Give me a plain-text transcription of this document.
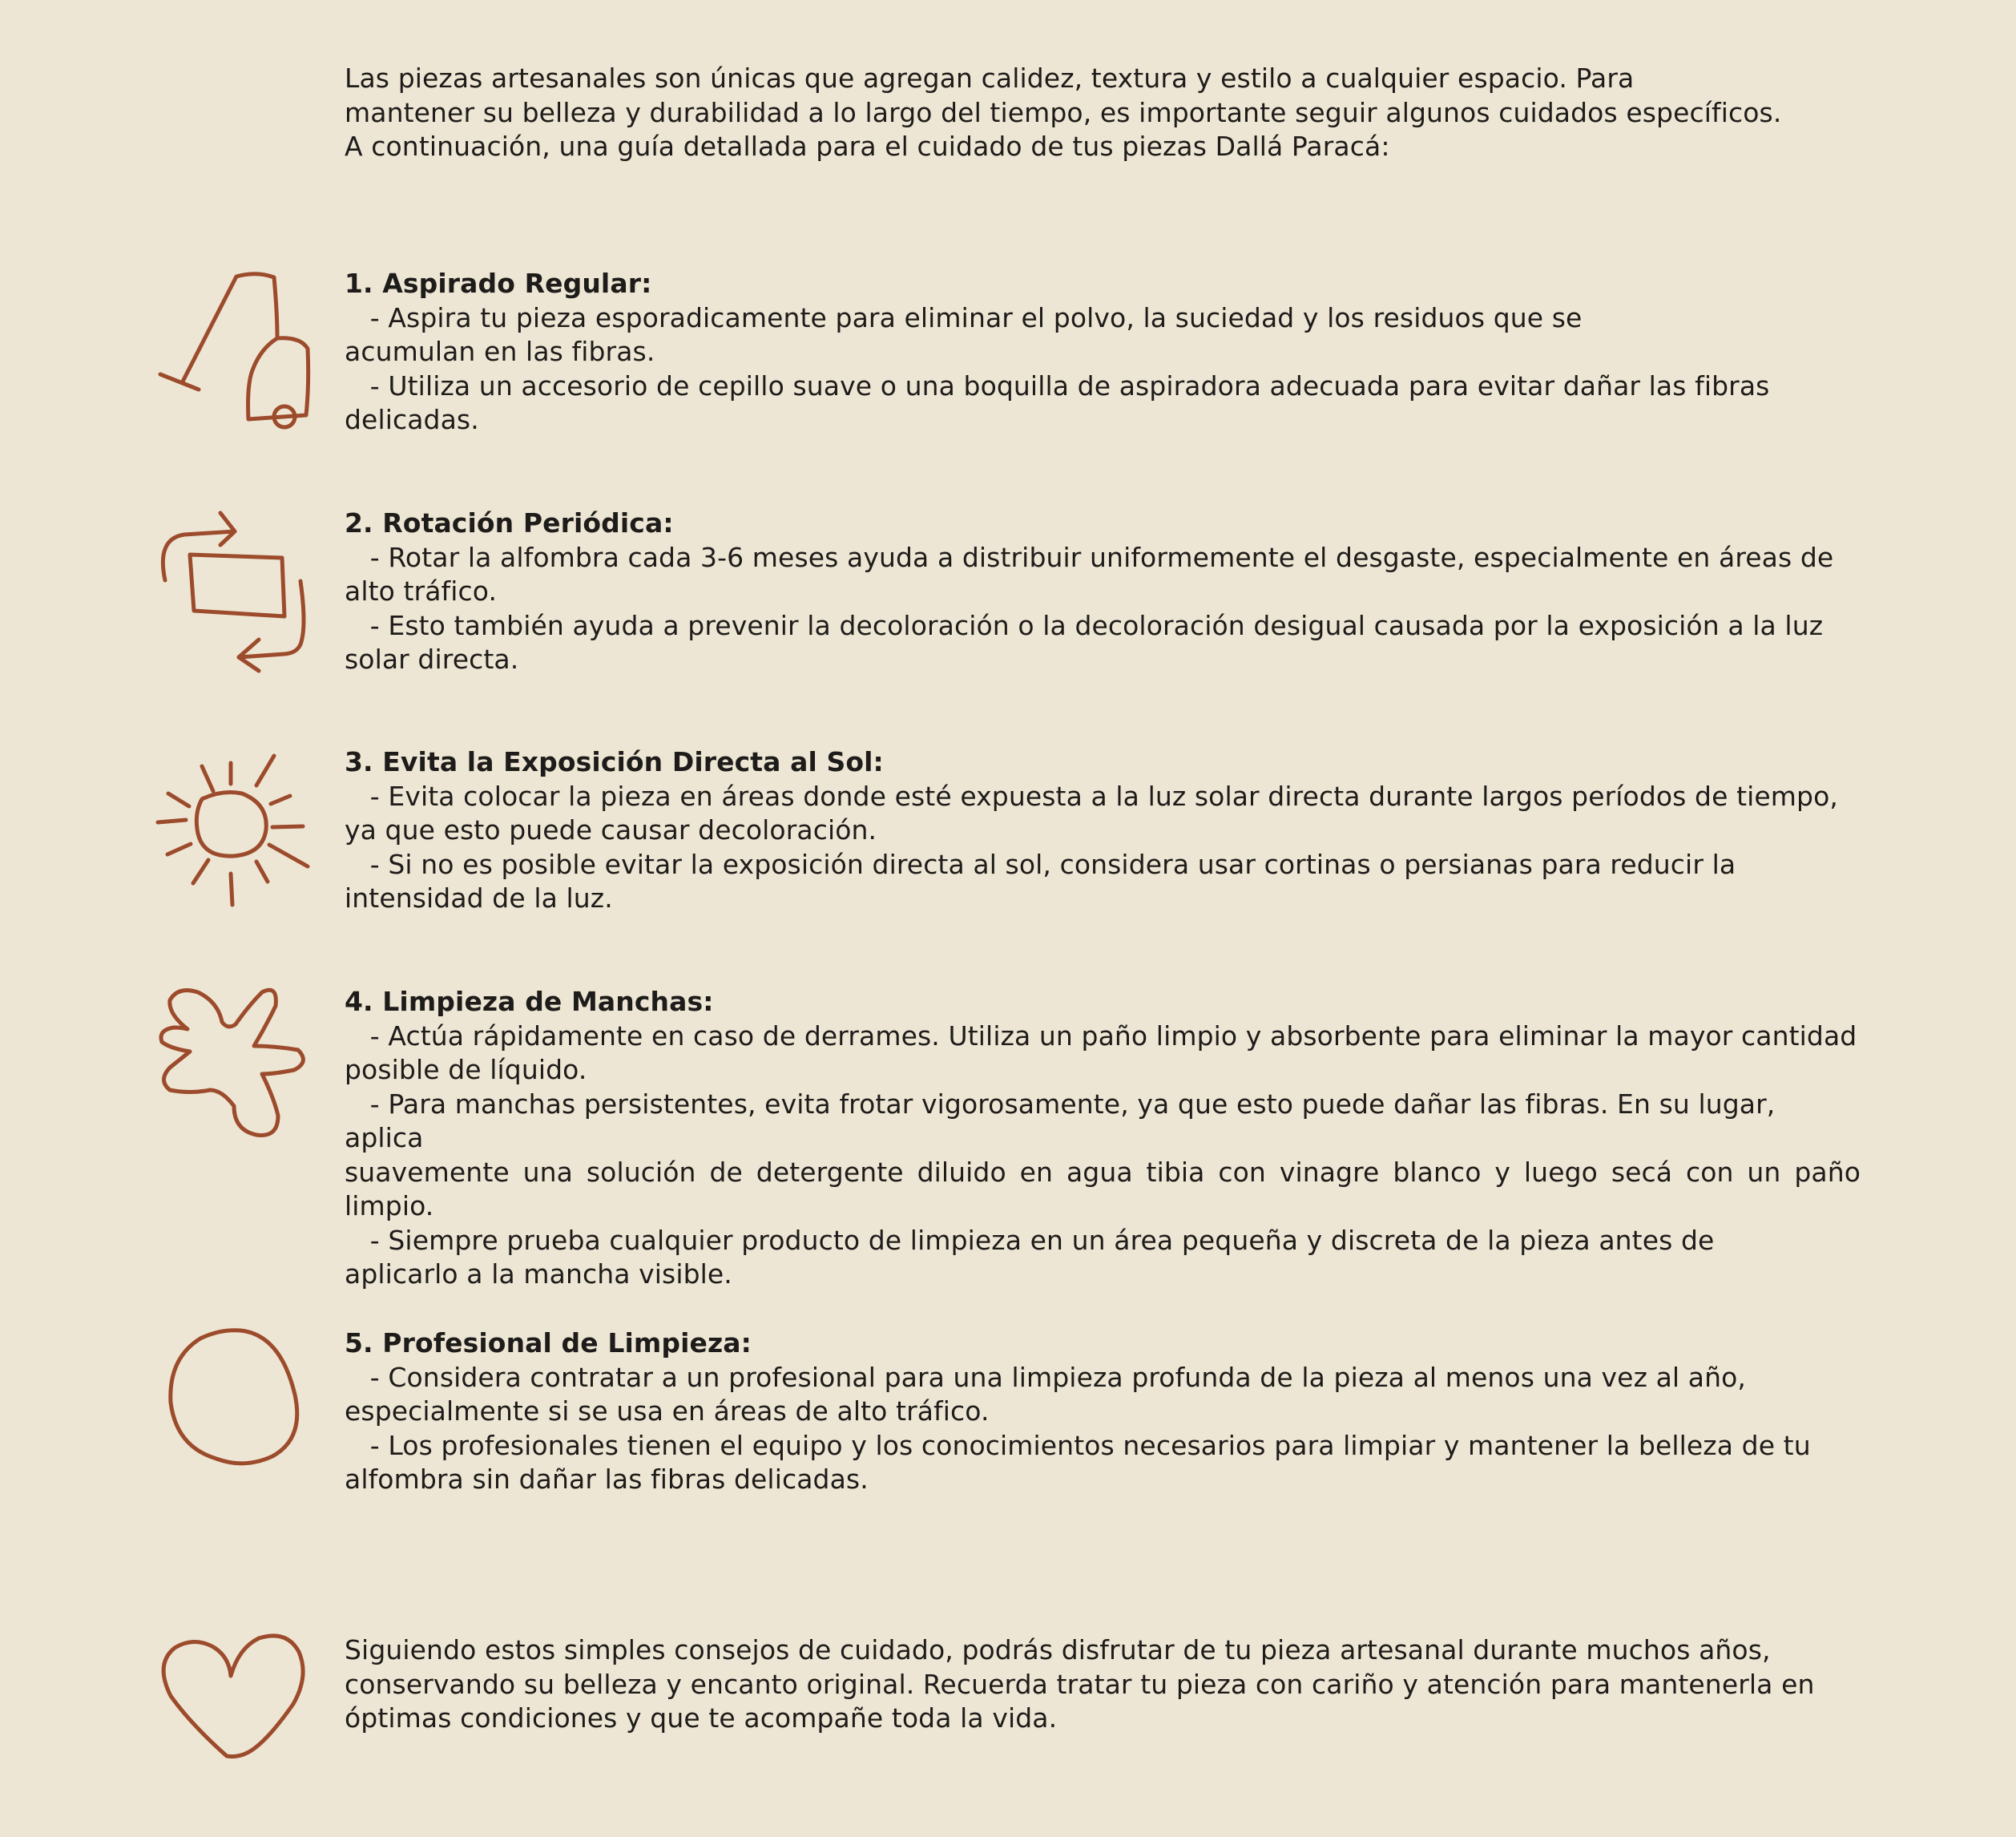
Las piezas artesanales son únicas que agregan calidez, textura y estilo a cualquier espacio. Para

mantener su belleza y durabilidad a lo largo del tiempo, es importante seguir algunos cuidados específicos.

A continuación, una guía detallada para el cuidado de tus piezas Dallá Paracá:

1. Aspirado Regular:

- Aspira tu pieza esporadicamente para eliminar el polvo, la suciedad y los residuos que se

acumulan en las fibras.

- Utiliza un accesorio de cepillo suave o una boquilla de aspiradora adecuada para evitar dañar las fibras

delicadas.

2. Rotación Periódica:

- Rotar la alfombra cada 3-6 meses ayuda a distribuir uniformemente el desgaste, especialmente en áreas de

alto tráfico.

- Esto también ayuda a prevenir la decoloración o la decoloración desigual causada por la exposición a la luz

solar directa.

3. Evita la Exposición Directa al Sol:

- Evita colocar la pieza en áreas donde esté expuesta a la luz solar directa durante largos períodos de tiempo,

ya que esto puede causar decoloración.

- Si no es posible evitar la exposición directa al sol, considera usar cortinas o persianas para reducir la

intensidad de la luz.

4. Limpieza de Manchas:

- Actúa rápidamente en caso de derrames. Utiliza un paño limpio y absorbente para eliminar la mayor cantidad

posible de líquido.

- Para manchas persistentes, evita frotar vigorosamente, ya que esto puede dañar las fibras. En su lugar, aplica

suavemente una solución de detergente diluido en agua tibia con vinagre blanco y luego secá con un paño

limpio.

- Siempre prueba cualquier producto de limpieza en un área pequeña y discreta de la pieza antes de

aplicarlo a la mancha visible.

5. Profesional de Limpieza:

- Considera contratar a un profesional para una limpieza profunda de la pieza al menos una vez al año,

especialmente si se usa en áreas de alto tráfico.

- Los profesionales tienen el equipo y los conocimientos necesarios para limpiar y mantener la belleza de tu

alfombra sin dañar las fibras delicadas.

Siguiendo estos simples consejos de cuidado, podrás disfrutar de tu pieza artesanal durante muchos años,

conservando su belleza y encanto original. Recuerda tratar tu pieza con cariño y atención para mantenerla en

óptimas condiciones y que te acompañe toda la vida.
